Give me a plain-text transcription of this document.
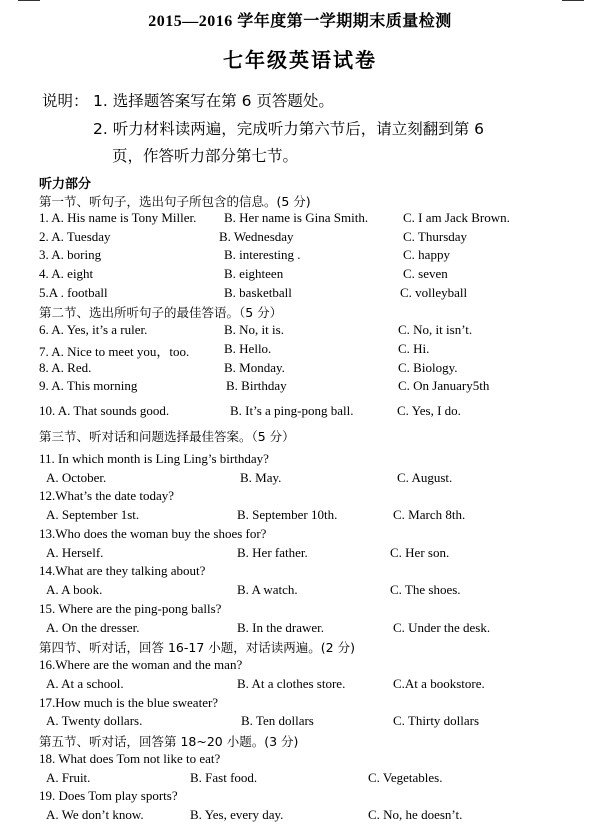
2015—2016 学年度第一学期期末质量检测
七年级英语试卷
说明： 1. 选择题答案写在第 6 页答题处。
2. 听力材料读两遍，完成听力第六节后，请立刻翻到第 6
页，作答听力部分第七节。
听力部分
第一节、听句子，选出句子所包含的信息。(5 分)
1. A. His name is Tony Miller. B. Her name is Gina Smith.	C. I am Jack Brown.
2. A. Tuesday	B. Wednesday	C. Thursday
3. A. boring	B. interesting .	C. happy
4. A. eight	B. eighteen	C. seven
5.A . football	B. basketball	C. volleyball
第二节、选出所听句子的最佳答语。（5 分）
6. A. Yes, it’s a ruler.	B. No, it is.	C. No, it isn’t.
7. A. Nice to meet you，too.	B. Hello.	C. Hi.
8. A. Red.	B. Monday.	C. Biology.
9. A. This morning	B. Birthday	C. On January5th
10. A. That sounds good.	B. It’s a ping-pong ball.	C. Yes, I do.
第三节、听对话和问题选择最佳答案。（5 分）
11. In which month is Ling Ling’s birthday?
A. October.	B. May.	C. August.
12.What’s the date today?
A. September 1st.	B. September 10th.	C. March 8th.
13.Who does the woman buy the shoes for?
A. Herself.	B. Her father.	C. Her son.
14.What are they talking about?
A. A book.	B. A watch.	C. The shoes.
15. Where are the ping-pong balls?
A. On the dresser.	B. In the drawer.	C. Under the desk.
第四节、听对话，回答 16-17 小题，对话读两遍。(2 分)
16.Where are the woman and the man?
A. At a school.	B. At a clothes store.	C.At a bookstore.
17.How much is the blue sweater?
A. Twenty dollars.	B. Ten dollars	C. Thirty dollars
第五节、听对话，回答第 18~20 小题。(3 分)
18. What does Tom not like to eat?
A. Fruit.	B. Fast food.	C. Vegetables.
19. Does Tom play sports?
A. We don’t know.	B. Yes, every day.	C. No, he doesn’t.
